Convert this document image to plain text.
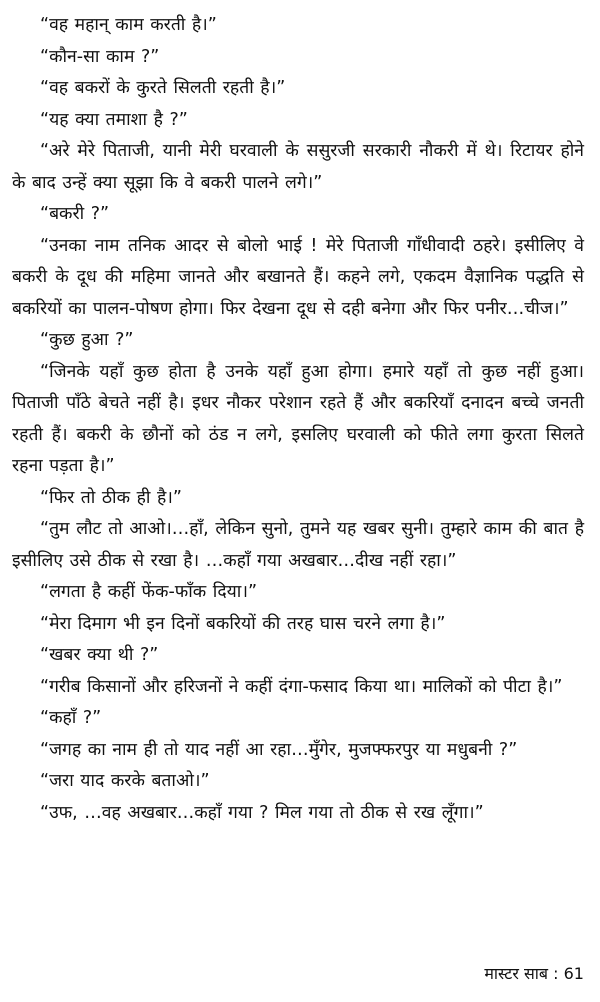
“वह महान् काम करती है।”

“कौन-सा काम ?”

“वह बकरों के कुरते सिलती रहती है।”

“यह क्या तमाशा है ?”

“अरे मेरे पिताजी, यानी मेरी घरवाली के ससुरजी सरकारी नौकरी में थे। रिटायर होने के बाद उन्हें क्या सूझा कि वे बकरी पालने लगे।”

“बकरी ?”

“उनका नाम तनिक आदर से बोलो भाई ! मेरे पिताजी गाँधीवादी ठहरे। इसीलिए वे बकरी के दूध की महिमा जानते और बखानते हैं। कहने लगे, एकदम वैज्ञानिक पद्धति से बकरियों का पालन-पोषण होगा। फिर देखना दूध से दही बनेगा और फिर पनीर…चीज।”

“कुछ हुआ ?”

“जिनके यहाँ कुछ होता है उनके यहाँ हुआ होगा। हमारे यहाँ तो कुछ नहीं हुआ। पिताजी पाँठे बेचते नहीं है। इधर नौकर परेशान रहते हैं और बकरियाँ दनादन बच्चे जनती रहती हैं। बकरी के छौनों को ठंड न लगे, इसलिए घरवाली को फीते लगा कुरता सिलते रहना पड़ता है।”

“फिर तो ठीक ही है।”

“तुम लौट तो आओ।…हाँ, लेकिन सुनो, तुमने यह खबर सुनी। तुम्हारे काम की बात है इसीलिए उसे ठीक से रखा है। …कहाँ गया अखबार…दीख नहीं रहा।”

“लगता है कहीं फेंक-फाँक दिया।”

“मेरा दिमाग भी इन दिनों बकरियों की तरह घास चरने लगा है।”

“खबर क्या थी ?”

“गरीब किसानों और हरिजनों ने कहीं दंगा-फसाद किया था। मालिकों को पीटा है।”

“कहाँ ?”

“जगह का नाम ही तो याद नहीं आ रहा…मुँगेर, मुजफ्फरपुर या मधुबनी ?”

“जरा याद करके बताओ।”

“उफ, …वह अखबार…कहाँ गया ? मिल गया तो ठीक से रख लूँगा।”

मास्टर साब : 61
